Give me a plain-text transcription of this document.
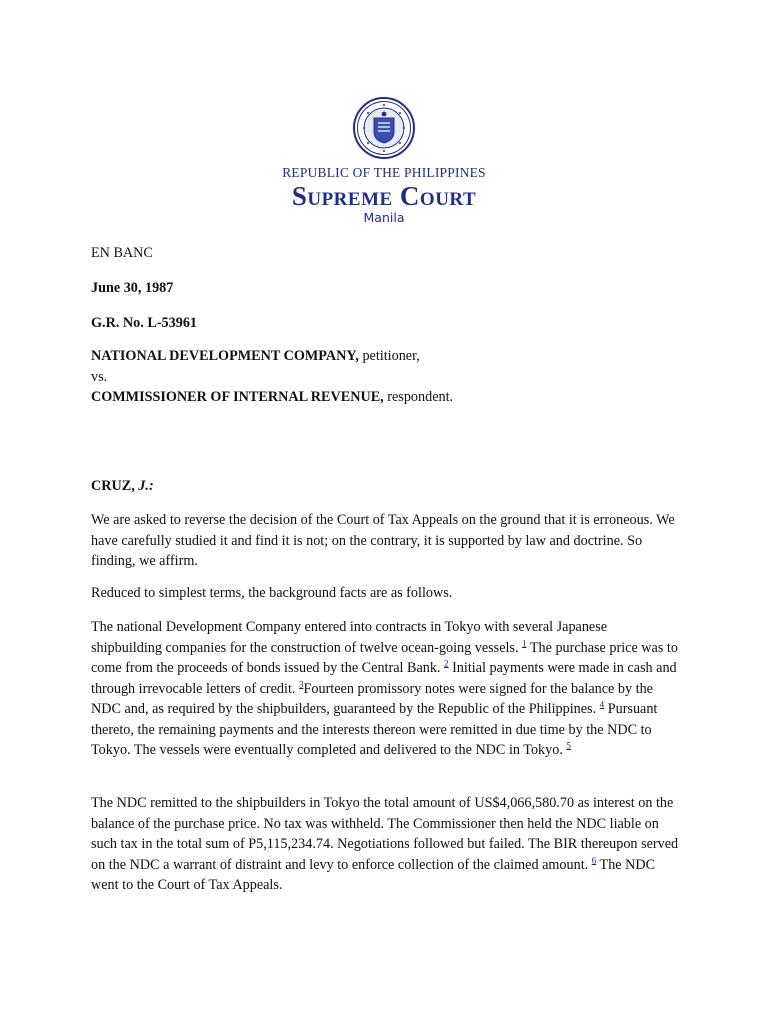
REPUBLIC OF THE PHILIPPINES
Supreme Court
Manila

EN BANC

June 30, 1987

G.R. No. L-53961

NATIONAL DEVELOPMENT COMPANY, petitioner,
vs.
COMMISSIONER OF INTERNAL REVENUE, respondent.

CRUZ, J.:

We are asked to reverse the decision of the Court of Tax Appeals on the ground that it is erroneous. We have carefully studied it and find it is not; on the contrary, it is supported by law and doctrine. So finding, we affirm.

Reduced to simplest terms, the background facts are as follows.

The national Development Company entered into contracts in Tokyo with several Japanese shipbuilding companies for the construction of twelve ocean-going vessels. $^1$ The purchase price was to come from the proceeds of bonds issued by the Central Bank. $^2$ Initial payments were made in cash and through irrevocable letters of credit. $^3$Fourteen promissory notes were signed for the balance by the NDC and, as required by the shipbuilders, guaranteed by the Republic of the Philippines. $^4$ Pursuant thereto, the remaining payments and the interests thereon were remitted in due time by the NDC to Tokyo. The vessels were eventually completed and delivered to the NDC in Tokyo. $^5$

The NDC remitted to the shipbuilders in Tokyo the total amount of US$4,066,580.70 as interest on the balance of the purchase price. No tax was withheld. The Commissioner then held the NDC liable on such tax in the total sum of P5,115,234.74. Negotiations followed but failed. The BIR thereupon served on the NDC a warrant of distraint and levy to enforce collection of the claimed amount. $^6$ The NDC went to the Court of Tax Appeals.
